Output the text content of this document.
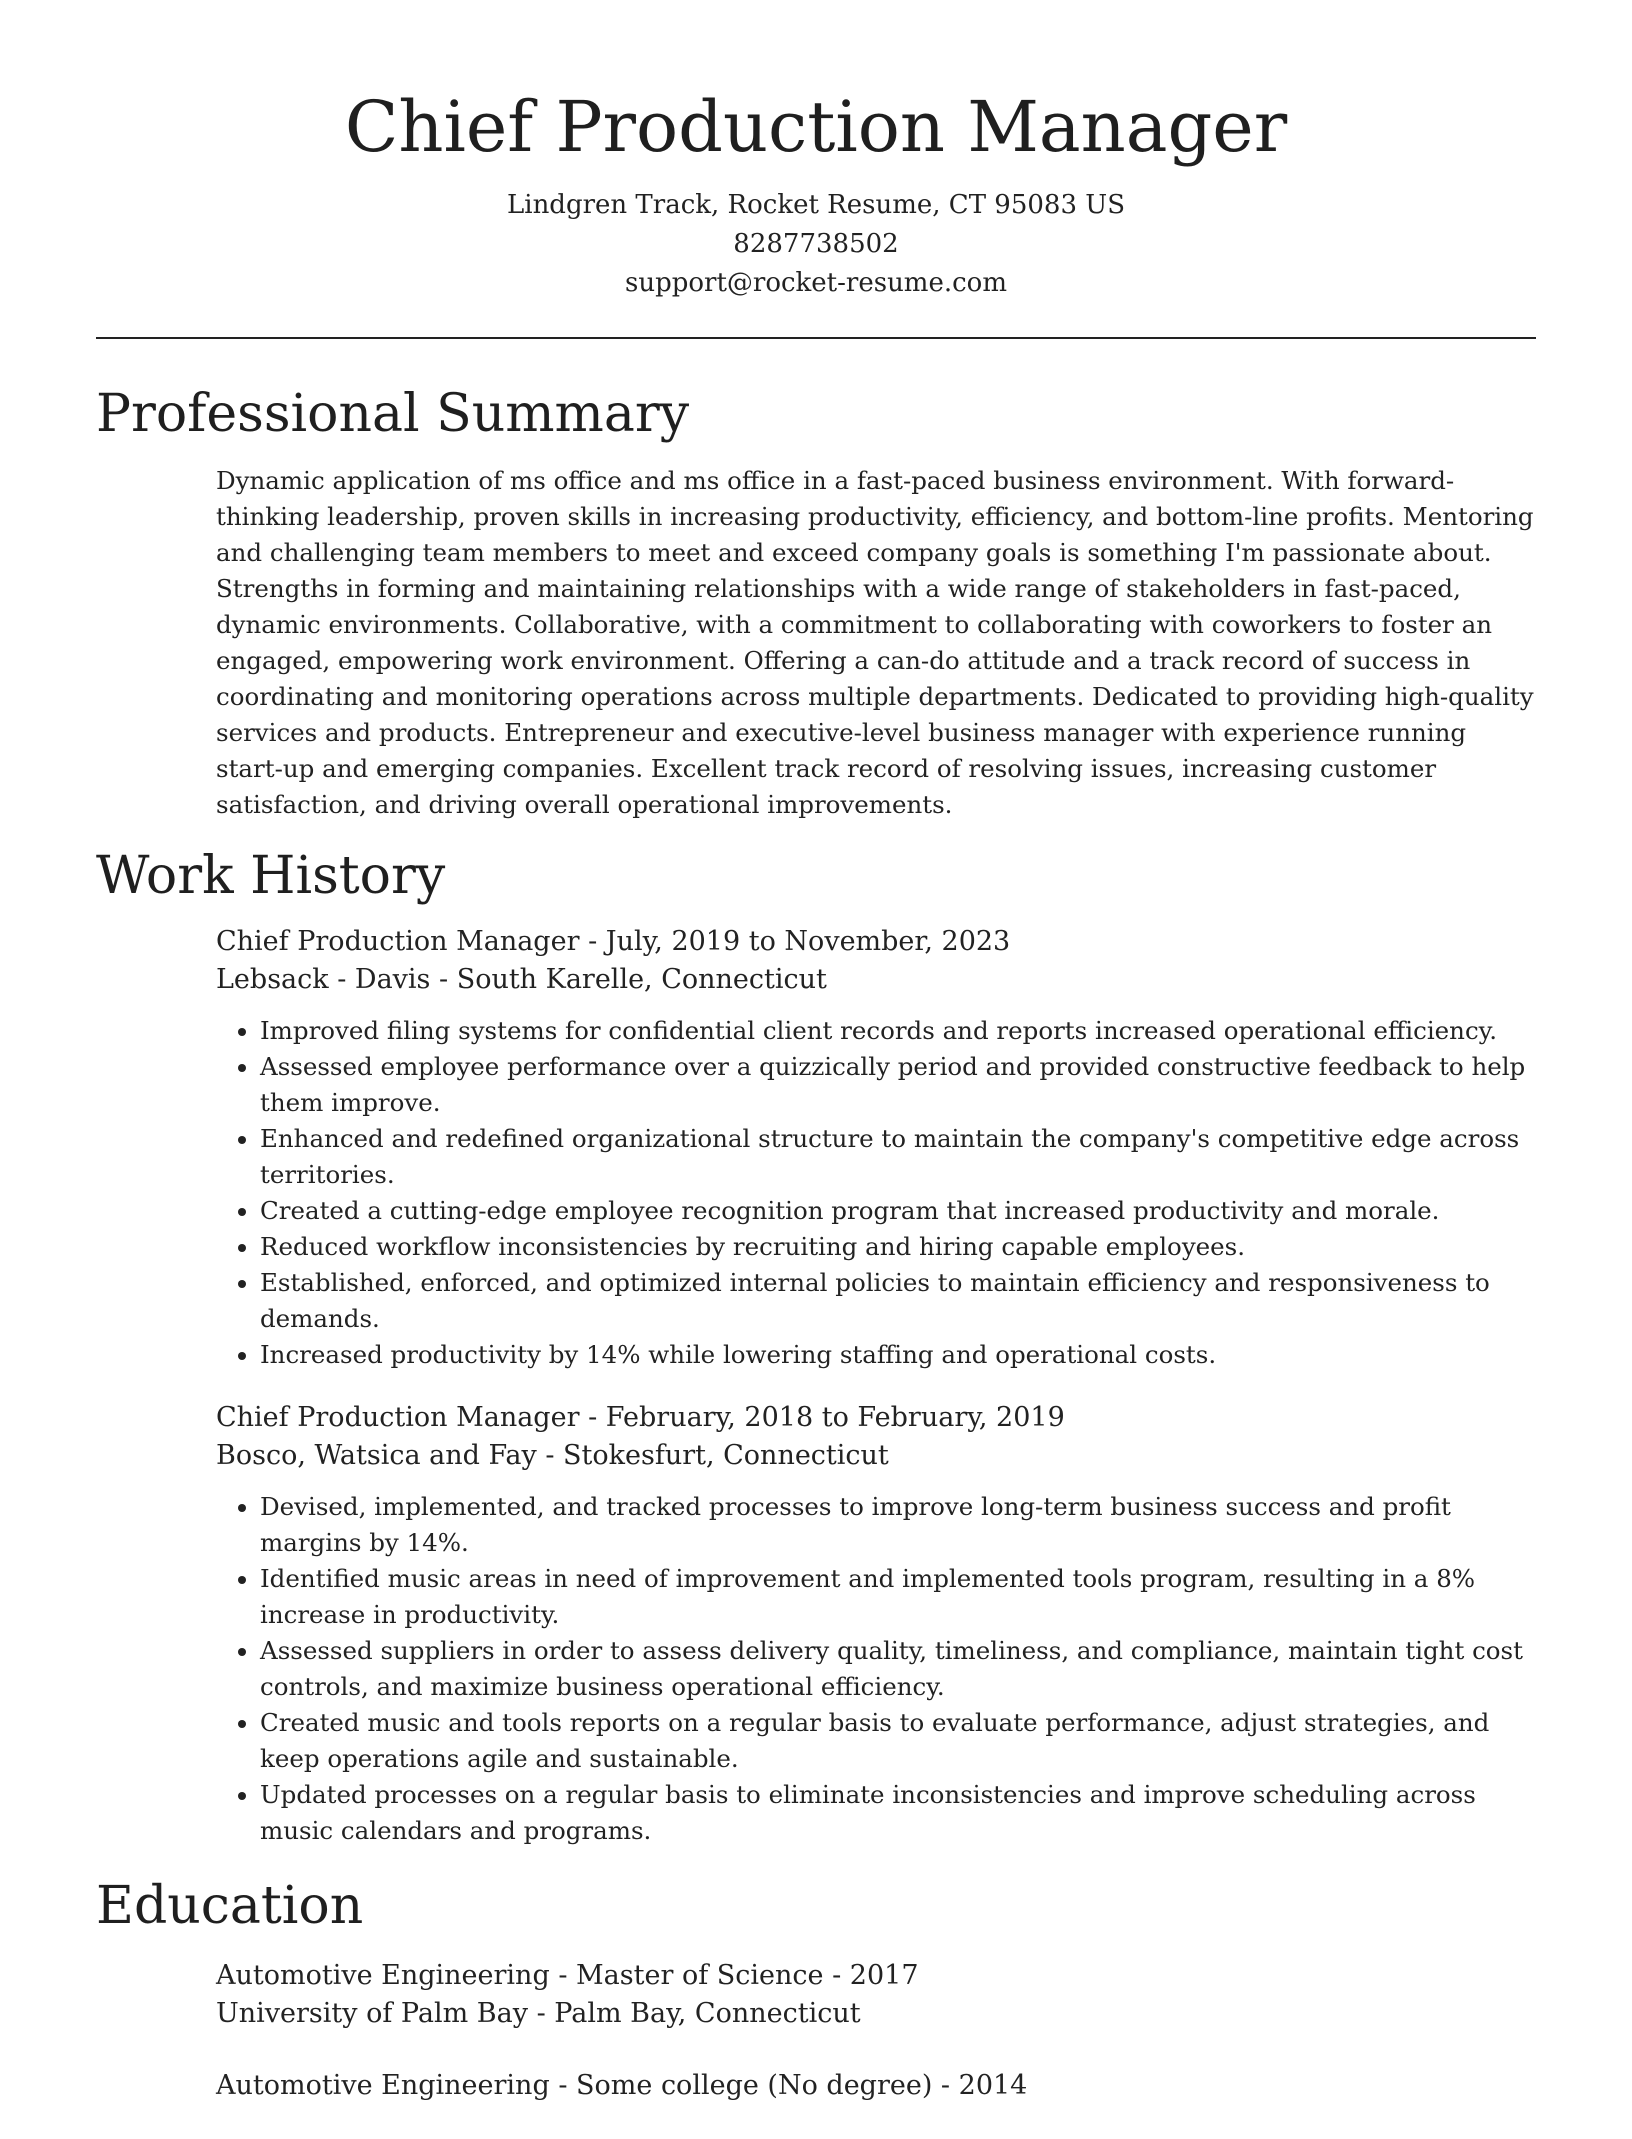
Chief Production Manager

Lindgren Track, Rocket Resume, CT 95083 US

8287738502

support@rocket-resume.com

Professional Summary

Dynamic application of ms office and ms office in a fast-paced business environment. With forward-thinking leadership, proven skills in increasing productivity, efficiency, and bottom-line profits. Mentoring and challenging team members to meet and exceed company goals is something I'm passionate about. Strengths in forming and maintaining relationships with a wide range of stakeholders in fast-paced, dynamic environments. Collaborative, with a commitment to collaborating with coworkers to foster an engaged, empowering work environment. Offering a can-do attitude and a track record of success in coordinating and monitoring operations across multiple departments. Dedicated to providing high-quality services and products. Entrepreneur and executive-level business manager with experience running start-up and emerging companies. Excellent track record of resolving issues, increasing customer satisfaction, and driving overall operational improvements.

Work History

Chief Production Manager - July, 2019 to November, 2023

Lebsack - Davis - South Karelle, Connecticut

• Improved filing systems for confidential client records and reports increased operational efficiency.
• Assessed employee performance over a quizzically period and provided constructive feedback to help them improve.
• Enhanced and redefined organizational structure to maintain the company's competitive edge across territories.
• Created a cutting-edge employee recognition program that increased productivity and morale.
• Reduced workflow inconsistencies by recruiting and hiring capable employees.
• Established, enforced, and optimized internal policies to maintain efficiency and responsiveness to demands.
• Increased productivity by 14% while lowering staffing and operational costs.

Chief Production Manager - February, 2018 to February, 2019

Bosco, Watsica and Fay - Stokesfurt, Connecticut

• Devised, implemented, and tracked processes to improve long-term business success and profit margins by 14%.
• Identified music areas in need of improvement and implemented tools program, resulting in a 8% increase in productivity.
• Assessed suppliers in order to assess delivery quality, timeliness, and compliance, maintain tight cost controls, and maximize business operational efficiency.
• Created music and tools reports on a regular basis to evaluate performance, adjust strategies, and keep operations agile and sustainable.
• Updated processes on a regular basis to eliminate inconsistencies and improve scheduling across music calendars and programs.
Education

Automotive Engineering - Master of Science - 2017

University of Palm Bay - Palm Bay, Connecticut

Automotive Engineering - Some college (No degree) - 2014
